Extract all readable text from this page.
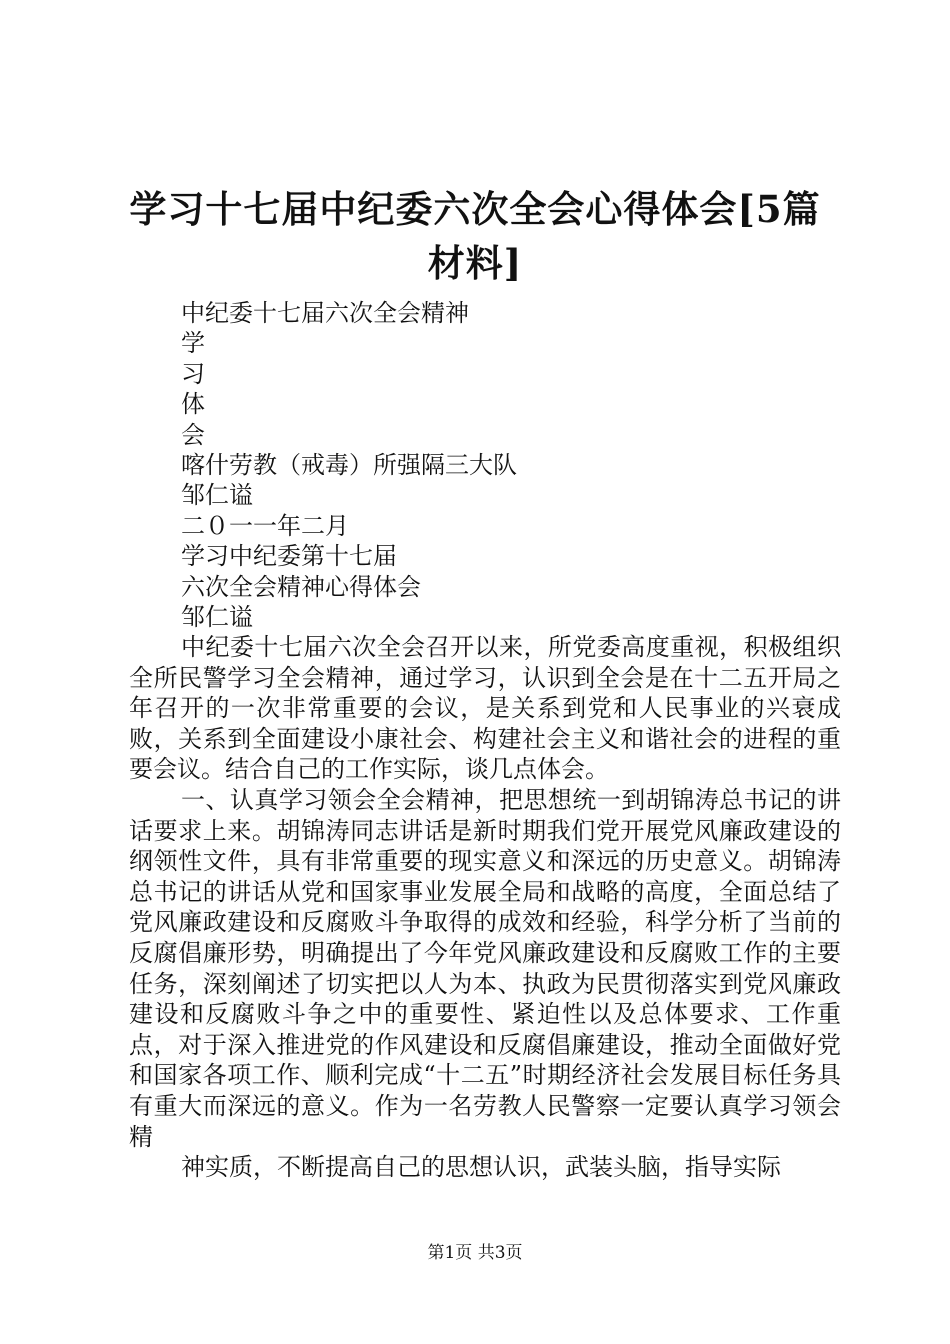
学习十七届中纪委六次全会心得体会[5篇材料]
中纪委十七届六次全会精神
学
习
体
会
喀什劳教（戒毒）所强隔三大队
邹仁谥
二０一一年二月
学习中纪委第十七届
六次全会精神心得体会
邹仁谥

中纪委十七届六次全会召开以来，所党委高度重视，积极组织全所民警学习全会精神，通过学习，认识到全会是在十二五开局之年召开的一次非常重要的会议，是关系到党和人民事业的兴衰成败，关系到全面建设小康社会、构建社会主义和谐社会的进程的重要会议。结合自己的工作实际，谈几点体会。

一、认真学习领会全会精神，把思想统一到胡锦涛总书记的讲话要求上来。胡锦涛同志讲话是新时期我们党开展党风廉政建设的纲领性文件，具有非常重要的现实意义和深远的历史意义。胡锦涛总书记的讲话从党和国家事业发展全局和战略的高度，全面总结了党风廉政建设和反腐败斗争取得的成效和经验，科学分析了当前的反腐倡廉形势，明确提出了今年党风廉政建设和反腐败工作的主要任务，深刻阐述了切实把以人为本、执政为民贯彻落实到党风廉政建设和反腐败斗争之中的重要性、紧迫性以及总体要求、工作重点，对于深入推进党的作风建设和反腐倡廉建设，推动全面做好党和国家各项工作、顺利完成“十二五”时期经济社会发展目标任务具有重大而深远的意义。作为一名劳教人民警察一定要认真学习领会精

神实质，不断提高自己的思想认识，武装头脑，指导实际

第1页 共3页
